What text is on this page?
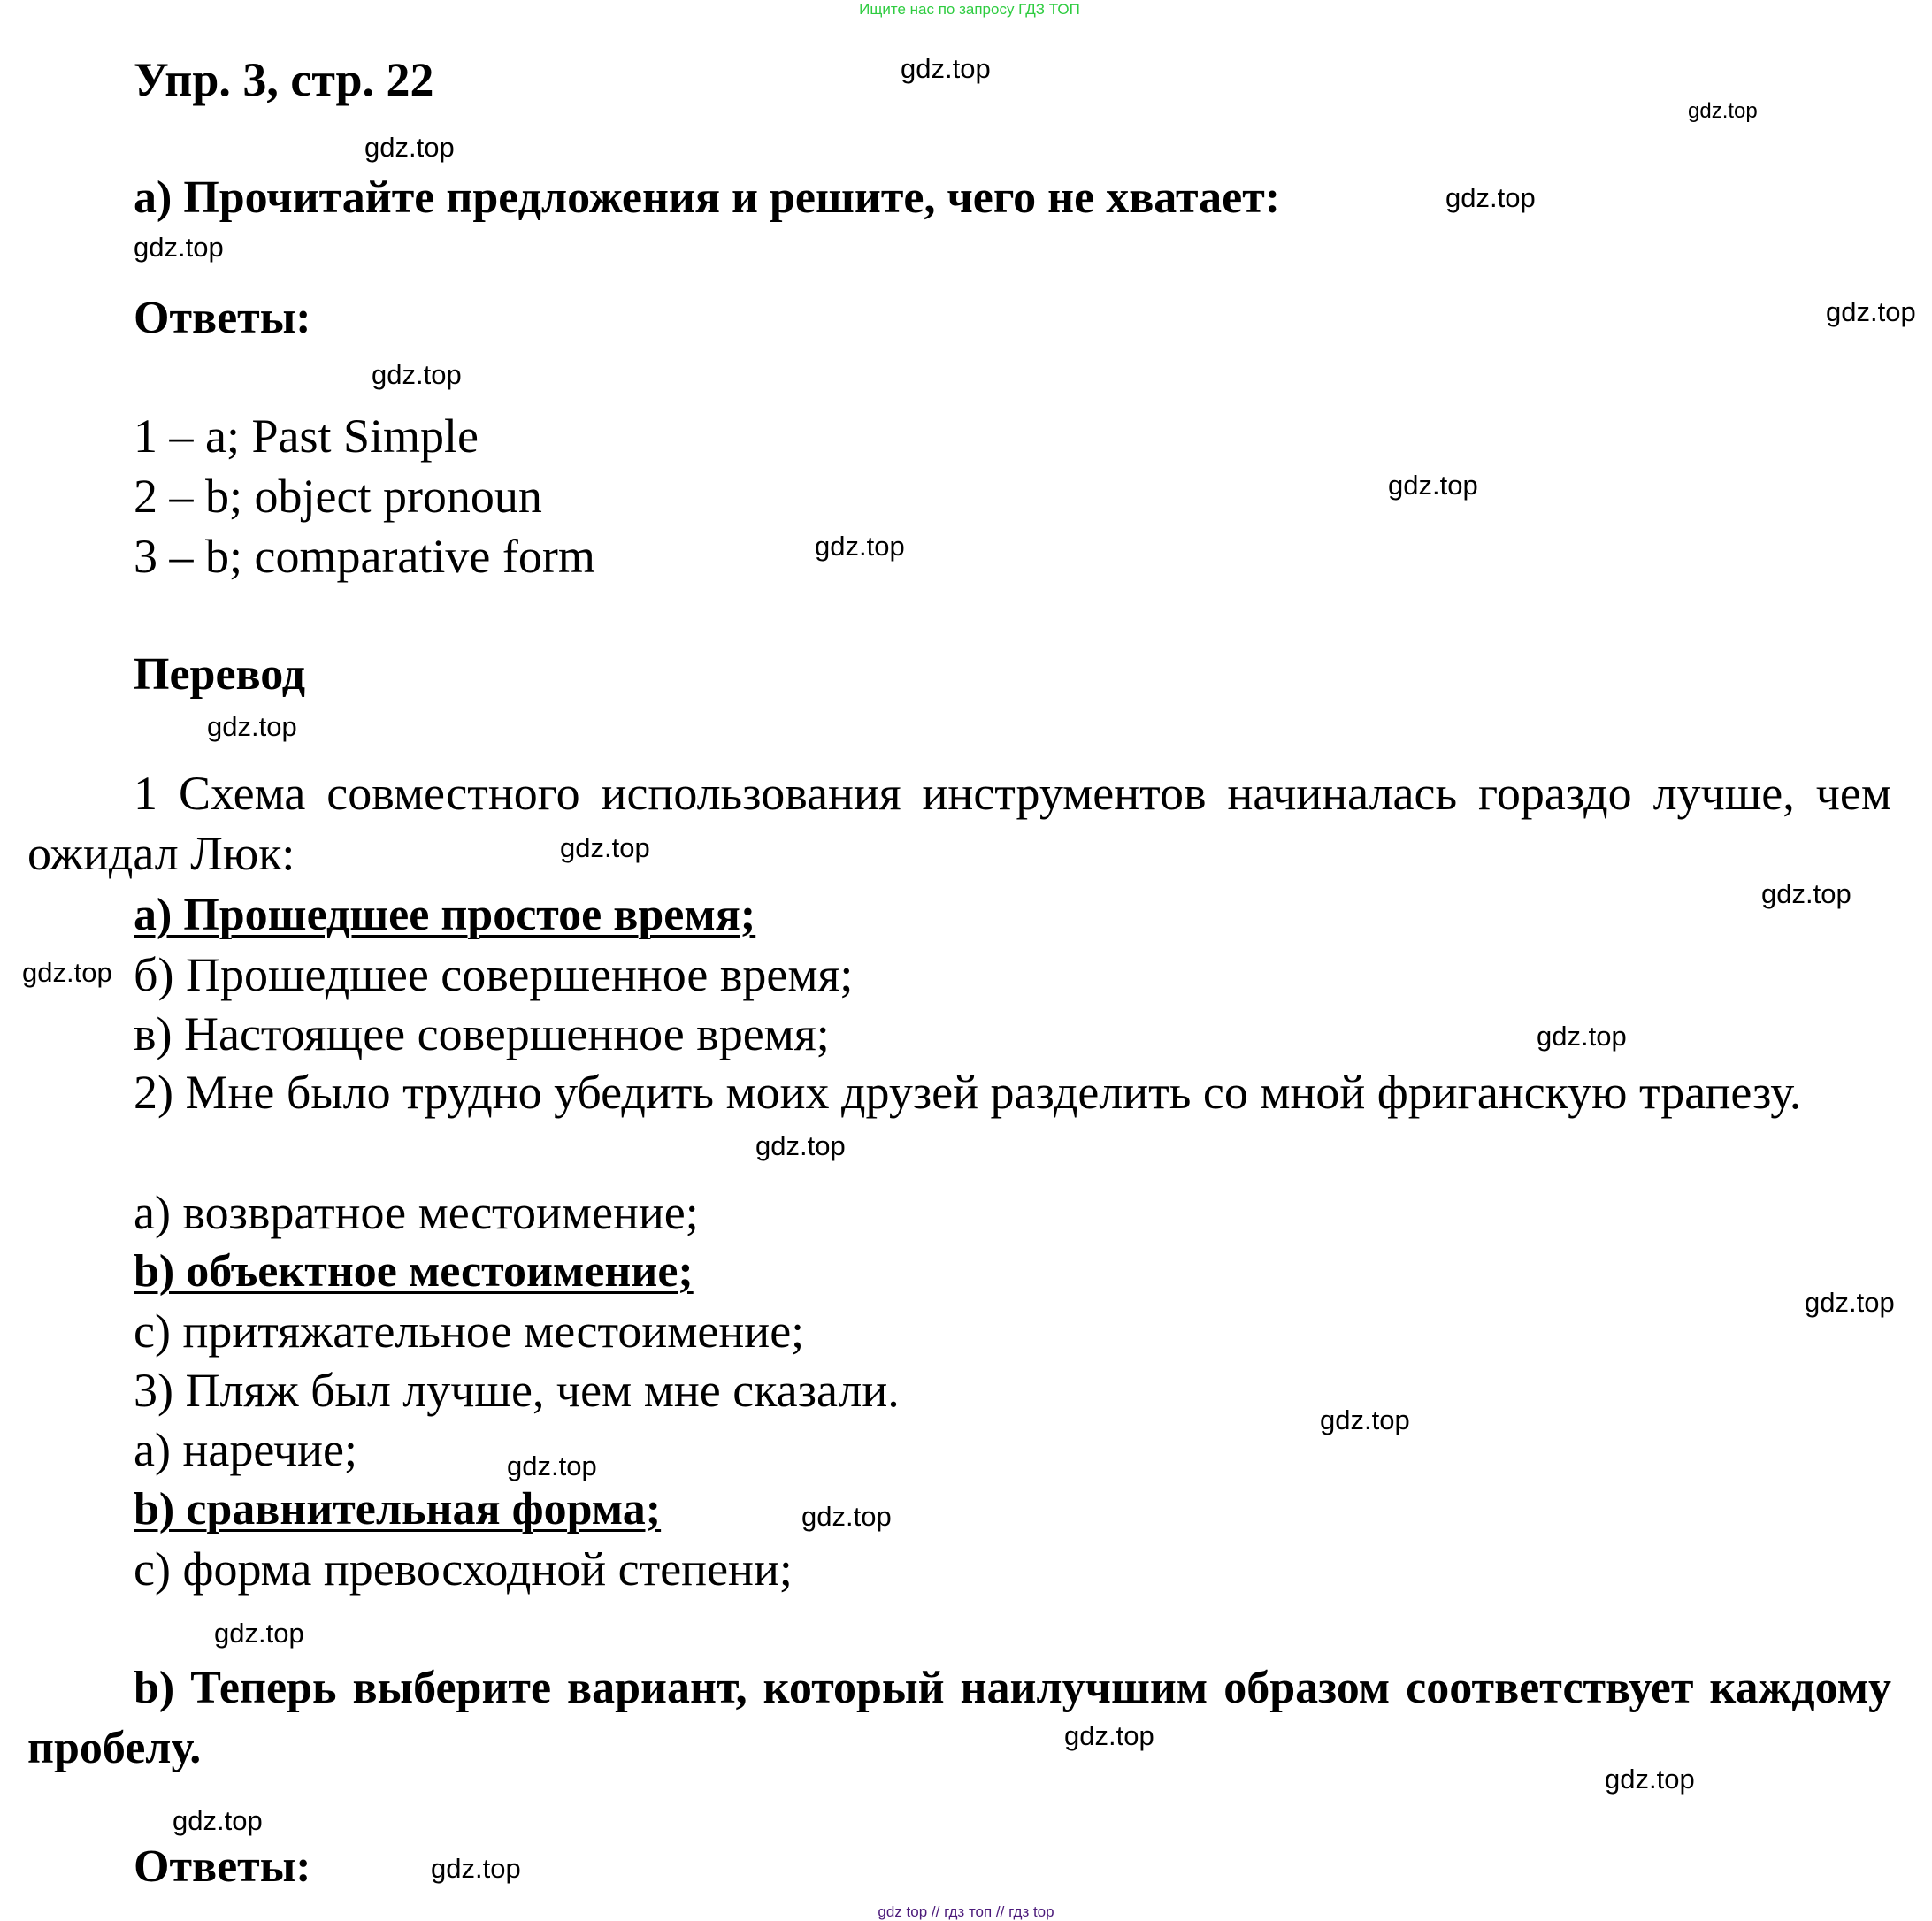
Ищите нас по запросу ГДЗ ТОП
Упр. 3, стр. 22
а) Прочитайте предложения и решите, чего не хватает:
Ответы:
1 – a; Past Simple
2 – b; object pronoun
3 – b; comparative form
Перевод
1 Схема совместного использования инструментов начиналась гораздо лучше, чем ожидал Люк:
а) Прошедшее простое время;
б) Прошедшее совершенное время;
в) Настоящее совершенное время;
2) Мне было трудно убедить моих друзей разделить со мной фриганскую трапезу.
a) возвратное местоимение;
b) объектное местоимение;
c) притяжательное местоимение;
3) Пляж был лучше, чем мне сказали.
a) наречие;
b) сравнительная форма;
c) форма превосходной степени;
b) Теперь выберите вариант, который наилучшим образом соответствует каждому пробелу.
Ответы:
gdz.top
gdz.top
gdz.top
gdz.top
gdz.top
gdz.top
gdz.top
gdz.top
gdz.top
gdz.top
gdz.top
gdz.top
gdz.top
gdz.top
gdz.top
gdz.top
gdz.top
gdz.top
gdz.top
gdz.top
gdz.top
gdz.top
gdz.top
gdz.top
gdz top // гдз топ // гдз top
